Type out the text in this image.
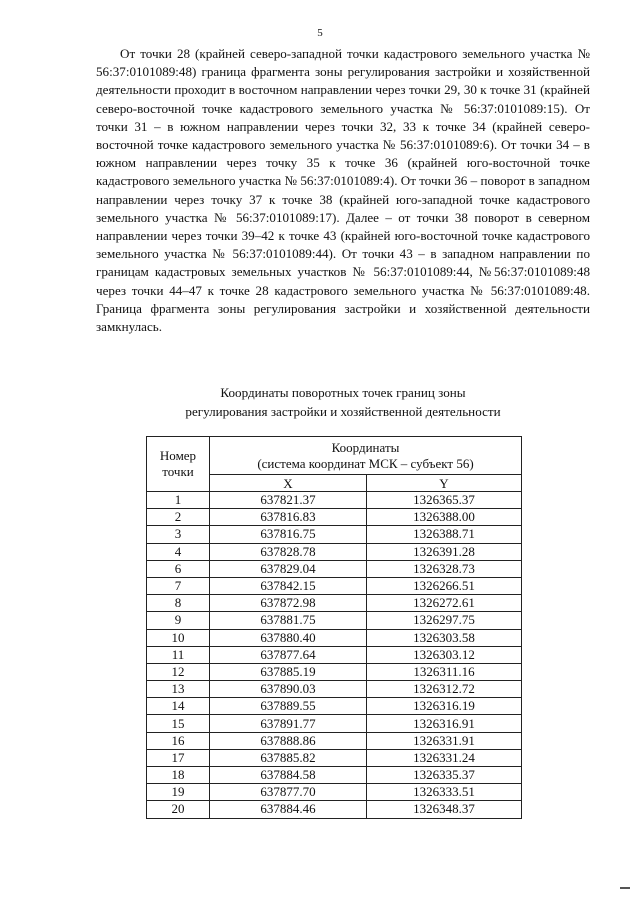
5

От точки 28 (крайней северо-западной точки кадастрового земельного участка № 56:37:0101089:48) граница фрагмента зоны регулирования застройки и хозяйственной деятельности проходит в восточном направлении через точки 29, 30 к точке 31 (крайней северо-восточной точке кадастрового земельного участка № 56:37:0101089:15). От точки 31 – в южном направлении через точки 32, 33 к точке 34 (крайней северо-восточной точке кадастрового земельного участка № 56:37:0101089:6). От точки 34 – в южном направлении через точку 35 к точке 36 (крайней юго-восточной точке кадастрового земельного участка № 56:37:0101089:4). От точки 36 – поворот в западном направлении через точку 37 к точке 38 (крайней юго-западной точке кадастрового земельного участка № 56:37:0101089:17). Далее – от точки 38 поворот в северном направлении через точки 39–42 к точке 43 (крайней юго-восточной точке кадастрового земельного участка № 56:37:0101089:44). От точки 43 – в западном направлении по границам кадастровых земельных участков № 56:37:0101089:44, №56:37:0101089:48 через точки 44–47 к точке 28 кадастрового земельного участка № 56:37:0101089:48. Граница фрагмента зоны регулирования застройки и хозяйственной деятельности замкнулась.

Координаты поворотных точек границ зоны
регулирования застройки и хозяйственной деятельности
Номер точки	Координаты
(система координат МСК – субъект 56)	

	X	Y
1	637821.37	1326365.37
2	637816.83	1326388.00
3	637816.75	1326388.71
4	637828.78	1326391.28
6	637829.04	1326328.73
7	637842.15	1326266.51
8	637872.98	1326272.61
9	637881.75	1326297.75
10	637880.40	1326303.58
11	637877.64	1326303.12
12	637885.19	1326311.16
13	637890.03	1326312.72
14	637889.55	1326316.19
15	637891.77	1326316.91
16	637888.86	1326331.91
17	637885.82	1326331.24
18	637884.58	1326335.37
19	637877.70	1326333.51
20	637884.46	1326348.37
